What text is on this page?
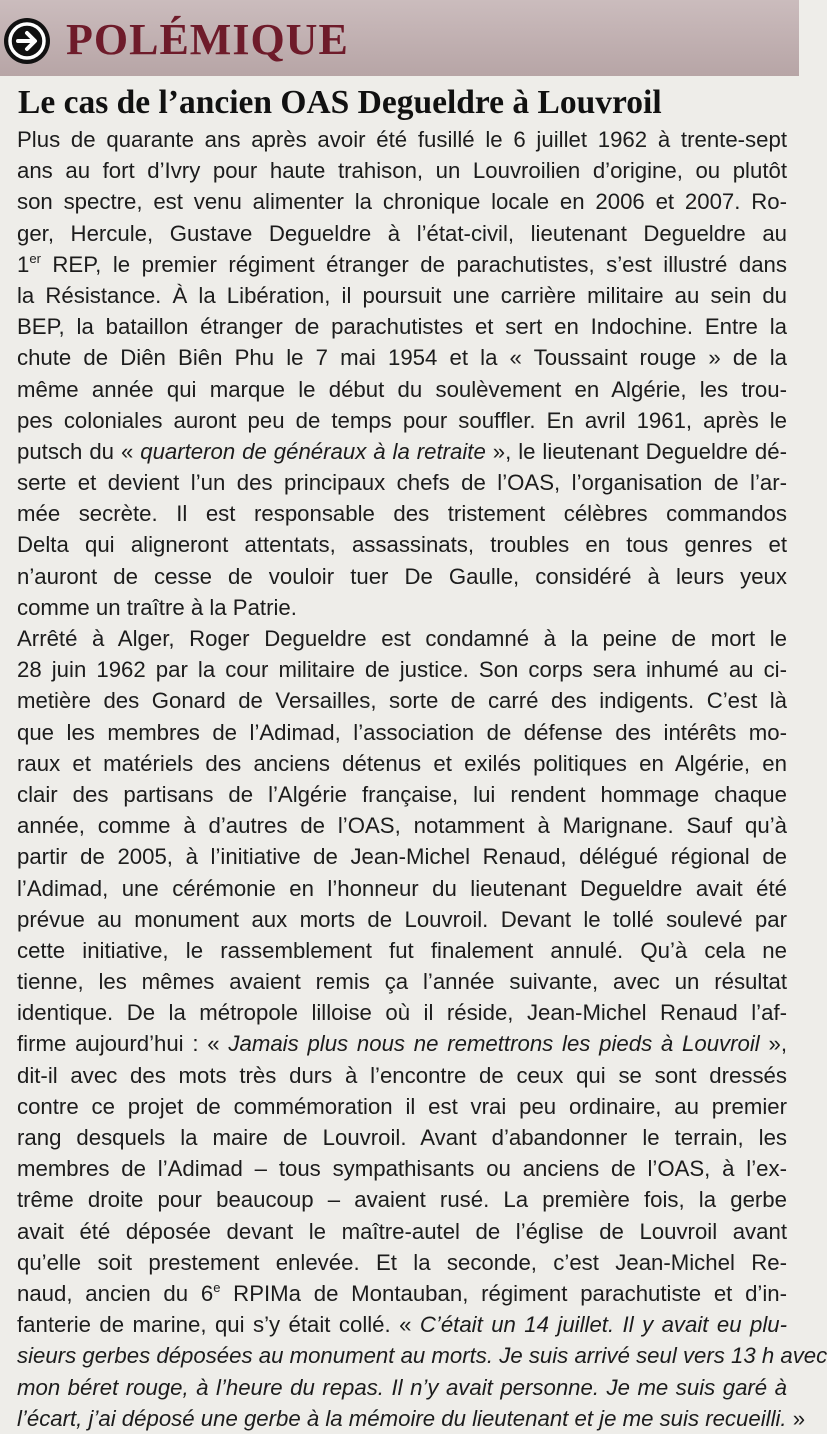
POLÉMIQUE
Le cas de l’ancien OAS Degueldre à Louvroil
Plus de quarante ans après avoir été fusillé le 6 juillet 1962 à trente-sept
ans au fort d’Ivry pour haute trahison, un Louvroilien d’origine, ou plutôt
son spectre, est venu alimenter la chronique locale en 2006 et 2007. Ro-
ger, Hercule, Gustave Degueldre à l’état-civil, lieutenant Degueldre au
1er REP, le premier régiment étranger de parachutistes, s’est illustré dans
la Résistance. À la Libération, il poursuit une carrière militaire au sein du
BEP, la bataillon étranger de parachutistes et sert en Indochine. Entre la
chute de Diên Biên Phu le 7 mai 1954 et la « Toussaint rouge » de la
même année qui marque le début du soulèvement en Algérie, les trou-
pes coloniales auront peu de temps pour souffler. En avril 1961, après le
putsch du « quarteron de généraux à la retraite », le lieutenant Degueldre dé-
serte et devient l’un des principaux chefs de l’OAS, l’organisation de l’ar-
mée secrète. Il est responsable des tristement célèbres commandos
Delta qui aligneront attentats, assassinats, troubles en tous genres et
n’auront de cesse de vouloir tuer De Gaulle, considéré à leurs yeux
comme un traître à la Patrie.
Arrêté à Alger, Roger Degueldre est condamné à la peine de mort le
28 juin 1962 par la cour militaire de justice. Son corps sera inhumé au ci-
metière des Gonard de Versailles, sorte de carré des indigents. C’est là
que les membres de l’Adimad, l’association de défense des intérêts mo-
raux et matériels des anciens détenus et exilés politiques en Algérie, en
clair des partisans de l’Algérie française, lui rendent hommage chaque
année, comme à d’autres de l’OAS, notamment à Marignane. Sauf qu’à
partir de 2005, à l’initiative de Jean-Michel Renaud, délégué régional de
l’Adimad, une cérémonie en l’honneur du lieutenant Degueldre avait été
prévue au monument aux morts de Louvroil. Devant le tollé soulevé par
cette initiative, le rassemblement fut finalement annulé. Qu’à cela ne
tienne, les mêmes avaient remis ça l’année suivante, avec un résultat
identique. De la métropole lilloise où il réside, Jean-Michel Renaud l’af-
firme aujourd’hui : « Jamais plus nous ne remettrons les pieds à Louvroil »,
dit-il avec des mots très durs à l’encontre de ceux qui se sont dressés
contre ce projet de commémoration il est vrai peu ordinaire, au premier
rang desquels la maire de Louvroil. Avant d’abandonner le terrain, les
membres de l’Adimad – tous sympathisants ou anciens de l’OAS, à l’ex-
trême droite pour beaucoup – avaient rusé. La première fois, la gerbe
avait été déposée devant le maître-autel de l’église de Louvroil avant
qu’elle soit prestement enlevée. Et la seconde, c’est Jean-Michel Re-
naud, ancien du 6e RPIMa de Montauban, régiment parachutiste et d’in-
fanterie de marine, qui s’y était collé. « C’était un 14 juillet. Il y avait eu plu-
sieurs gerbes déposées au monument au morts. Je suis arrivé seul vers 13 h avec
mon béret rouge, à l’heure du repas. Il n’y avait personne. Je me suis garé à
l’écart, j’ai déposé une gerbe à la mémoire du lieutenant et je me suis recueilli. »
